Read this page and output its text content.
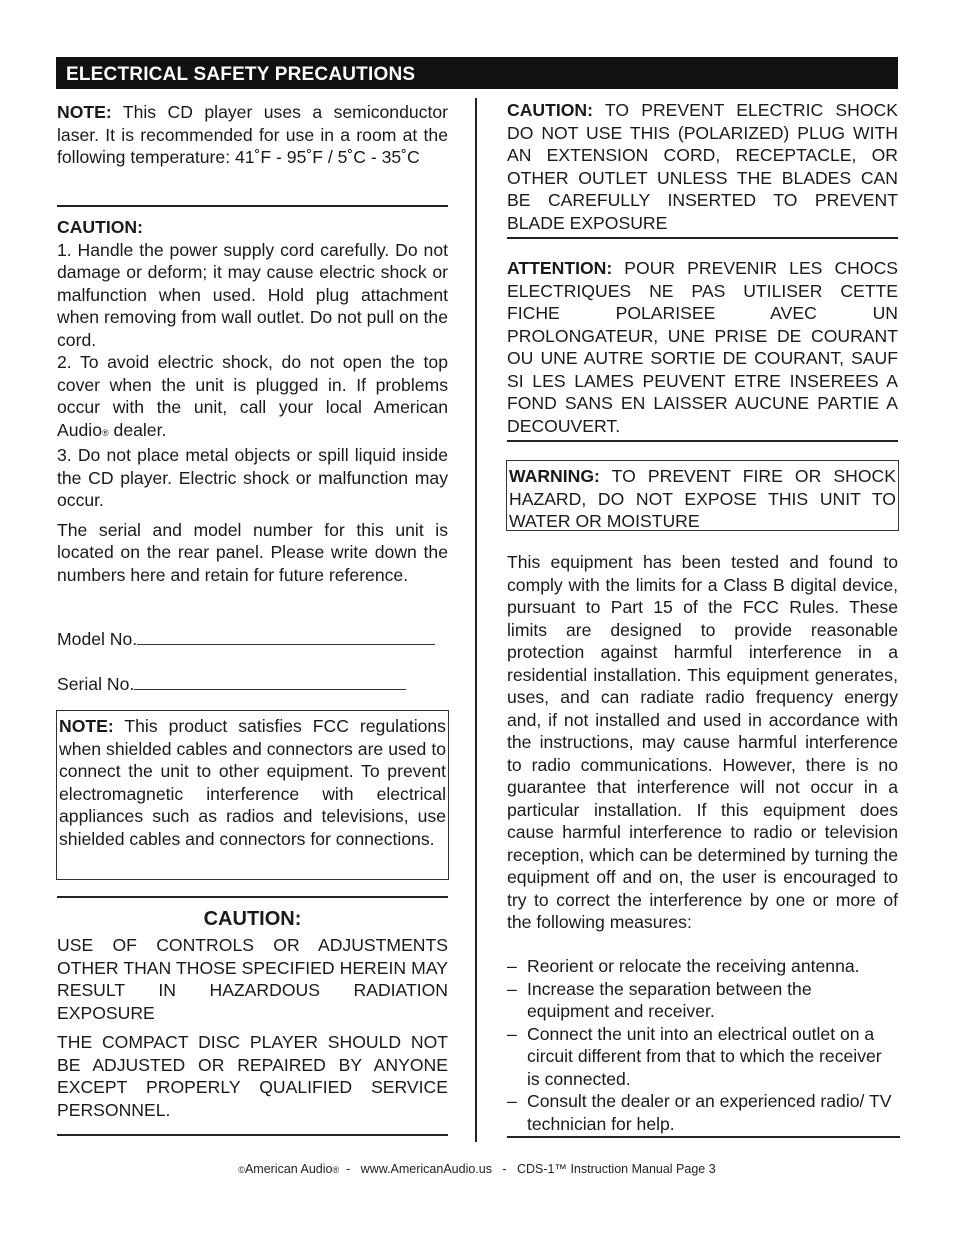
ELECTRICAL SAFETY PRECAUTIONS

NOTE: This CD player uses a semiconductor laser. It is recommended for use in a room at the following temperature: 41˚F - 95˚F / 5˚C - 35˚C

CAUTION:

1. Handle the power supply cord carefully. Do not damage or deform; it may cause electric shock or malfunction when used. Hold plug attachment when removing from wall outlet. Do not pull on the cord.

2. To avoid electric shock, do not open the top cover when the unit is plugged in. If problems occur with the unit, call your local American Audio® dealer.

3. Do not place metal objects or spill liquid inside the CD player. Electric shock or malfunction may occur.

The serial and model number for this unit is located on the rear panel. Please write down the numbers here and retain for future reference.

Model No.
Serial No.

NOTE: This product satisfies FCC regulations when shielded cables and connectors are used to connect the unit to other equipment. To prevent electromagnetic interference with electrical appliances such as radios and televisions, use shielded cables and connectors for connections.

CAUTION:

USE OF CONTROLS OR ADJUSTMENTS OTHER THAN THOSE SPECIFIED HEREIN MAY RESULT IN HAZARDOUS RADIATION EXPOSURE

THE COMPACT DISC PLAYER SHOULD NOT BE ADJUSTED OR REPAIRED BY ANYONE EXCEPT PROPERLY QUALIFIED SERVICE PERSONNEL.

CAUTION: TO PREVENT ELECTRIC SHOCK DO NOT USE THIS (POLARIZED) PLUG WITH AN EXTENSION CORD, RECEPTACLE, OR OTHER OUTLET UNLESS THE BLADES CAN BE CAREFULLY INSERTED TO PREVENT BLADE EXPOSURE

ATTENTION: POUR PREVENIR LES CHOCS ELECTRIQUES NE PAS UTILISER CETTE FICHE POLARISEE AVEC UN PROLONGATEUR, UNE PRISE DE COURANT OU UNE AUTRE SORTIE DE COURANT, SAUF SI LES LAMES PEUVENT ETRE INSEREES A FOND SANS EN LAISSER AUCUNE PARTIE A DECOUVERT.

WARNING: TO PREVENT FIRE OR SHOCK HAZARD, DO NOT EXPOSE THIS UNIT TO WATER OR MOISTURE

This equipment has been tested and found to comply with the limits for a Class B digital device, pursuant to Part 15 of the FCC Rules. These limits are designed to provide reasonable protection against harmful interference in a residential installation. This equipment generates, uses, and can radiate radio frequency energy and, if not installed and used in accordance with the instructions, may cause harmful interference to radio communications. However, there is no guarantee that interference will not occur in a particular installation. If this equipment does cause harmful interference to radio or television reception, which can be determined by turning the equipment off and on, the user is encouraged to try to correct the interference by one or more of the following measures:

– Reorient or relocate the receiving antenna.
– Increase the separation between the equipment and receiver.
– Connect the unit into an electrical outlet on a circuit different from that to which the receiver is connected.
– Consult the dealer or an experienced radio/ TV technician for help.
©American Audio®  -   www.AmericanAudio.us   -   CDS-1™ Instruction Manual Page 3
